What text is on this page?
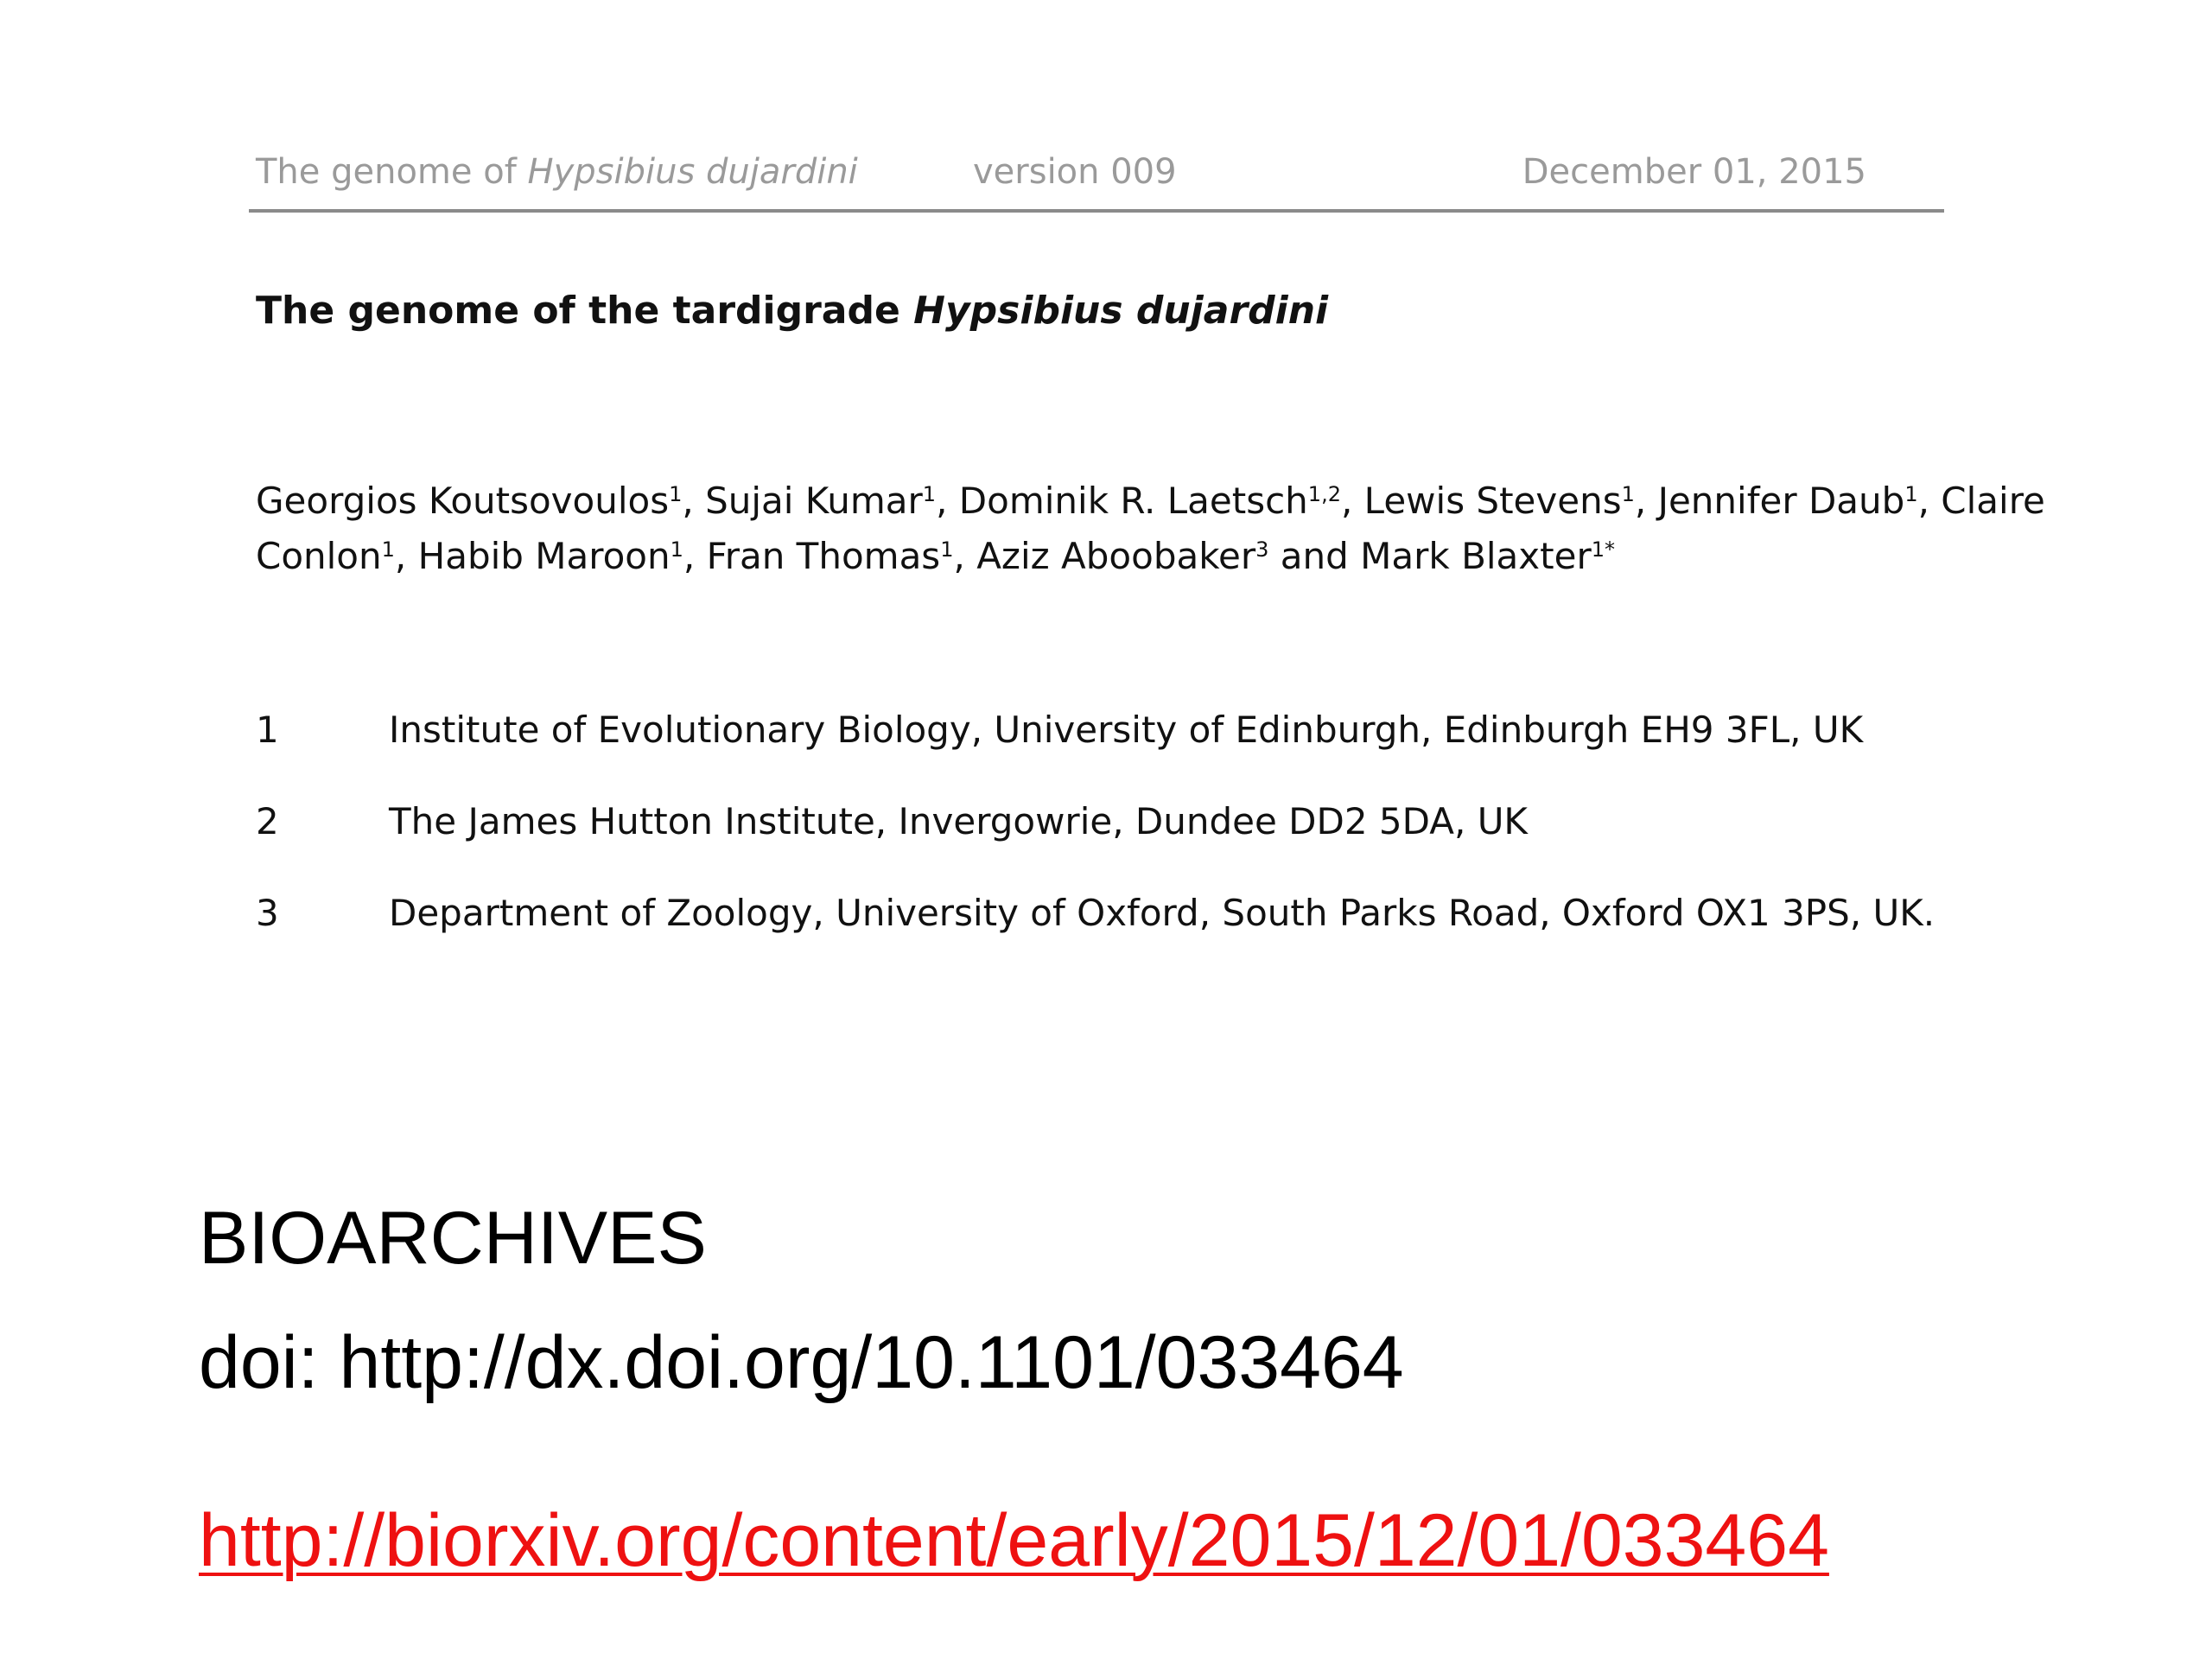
The genome of Hypsibius dujardini	version 009	December 01, 2015
The genome of the tardigrade Hypsibius dujardini
Georgios Koutsovoulos$^1$, Sujai Kumar$^1$, Dominik R. Laetsch$^{1,2}$, Lewis Stevens$^1$, Jennifer Daub$^1$, Claire
Conlon$^1$, Habib Maroon$^1$, Fran Thomas$^1$, Aziz Aboobaker$^3$ and Mark Blaxter$^{1*}$
1	Institute of Evolutionary Biology, University of Edinburgh, Edinburgh EH9 3FL, UK
2	The James Hutton Institute, Invergowrie, Dundee DD2 5DA, UK
3	Department of Zoology, University of Oxford, South Parks Road, Oxford OX1 3PS, UK.
BIOARCHIVES
doi: http://dx.doi.org/10.1101/033464
http://biorxiv.org/content/early/2015/12/01/033464
